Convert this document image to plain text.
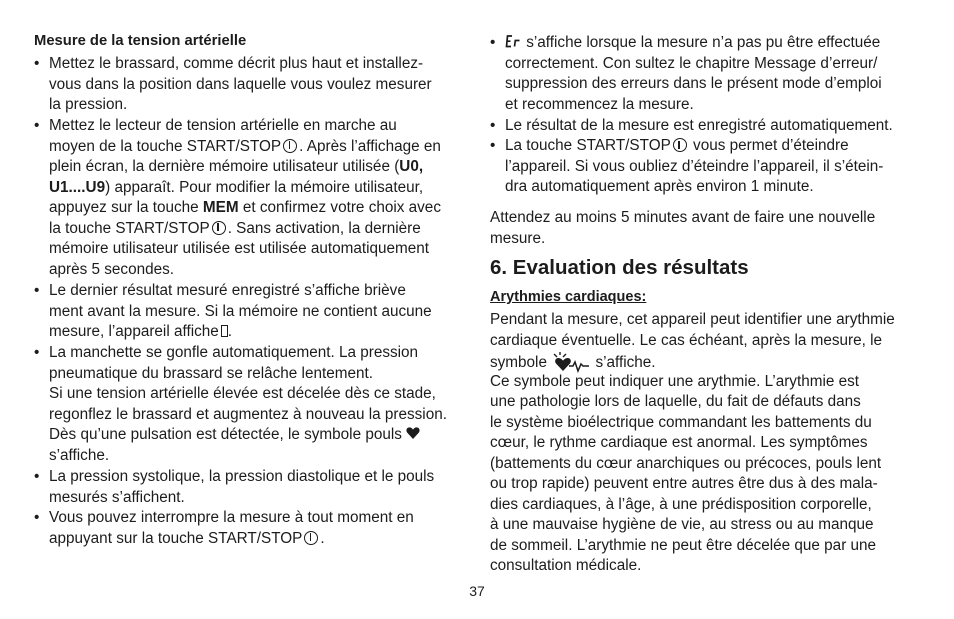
Mesure de la tension artérielle
• Mettez le brassard, comme décrit plus haut et installez-
vous dans la position dans laquelle vous voulez mesurer
la pression.
• Mettez le lecteur de tension artérielle en marche au
moyen de la touche START/STOP . Après l’affichage en
plein écran, la dernière mémoire utilisateur utilisée (U0,
U1....U9) apparaît. Pour modifier la mémoire utilisateur,
appuyez sur la touche MEM et confirmez votre choix avec
la touche START/STOP . Sans activation, la dernière
mémoire utilisateur utilisée est utilisée automatiquement
après 5 secondes.
• Le dernier résultat mesuré enregistré s’affiche briève
ment avant la mesure. Si la mémoire ne contient aucune
mesure, l’appareil affiche .
• La manchette se gonfle automatiquement. La pression
pneumatique du brassard se relâche lentement.
Si une tension artérielle élevée est décelée dès ce stade,
regonflez le brassard et augmentez à nouveau la pression.
Dès qu’une pulsation est détectée, le symbole pouls
s’affiche.
• La pression systolique, la pression diastolique et le pouls
mesurés s’affichent.
• Vous pouvez interrompre la mesure à tout moment en
appuyant sur la touche START/STOP .
•	s’affiche lorsque la mesure n’a pas pu être effectuée
correctement. Con sultez le chapitre Message d’erreur/
suppression des erreurs dans le présent mode d’emploi
et recommencez la mesure.
• Le résultat de la mesure est enregistré automatiquement.
• La touche START/STOP vous permet d’éteindre
l’appareil. Si vous oubliez d’éteindre l’appareil, il s’étein-
dra automatiquement après environ 1 minute.
Attendez au moins 5 minutes avant de faire une nouvelle
mesure.
6. Evaluation des résultats
Arythmies cardiaques:
Pendant la mesure, cet appareil peut identifier une arythmie
cardiaque éventuelle. Le cas échéant, après la mesure, le
symbole	s’affiche.
Ce symbole peut indiquer une arythmie. L’arythmie est
une pathologie lors de laquelle, du fait de défauts dans
le système bioélectrique commandant les battements du
cœur, le rythme cardiaque est anormal. Les symptômes
(battements du cœur anarchiques ou précoces, pouls lent
ou trop rapide) peuvent entre autres être dus à des mala-
dies cardiaques, à l’âge, à une prédisposition corporelle,
à une mauvaise hygiène de vie, au stress ou au manque
de sommeil. L’arythmie ne peut être décelée que par une
consultation médicale.
37
